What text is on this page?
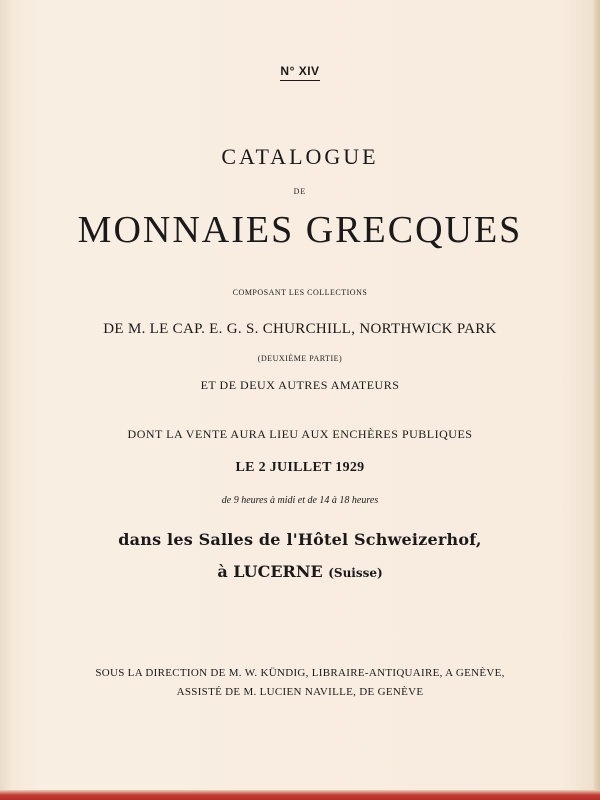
N° XIV
CATALOGUE
DE
MONNAIES GRECQUES
COMPOSANT LES COLLECTIONS
DE M. LE CAP. E. G. S. CHURCHILL, NORTHWICK PARK
(DEUXIÈME PARTIE)
ET DE DEUX AUTRES AMATEURS
DONT LA VENTE AURA LIEU AUX ENCHÈRES PUBLIQUES
LE 2 JUILLET 1929
de 9 heures à midi et de 14 à 18 heures
dans les Salles de l'Hôtel Schweizerhof,
à LUCERNE (Suisse)
SOUS LA DIRECTION DE M. W. KÜNDIG, LIBRAIRE-ANTIQUAIRE, A GENÈVE,
ASSISTÉ DE M. LUCIEN NAVILLE, DE GENÈVE
